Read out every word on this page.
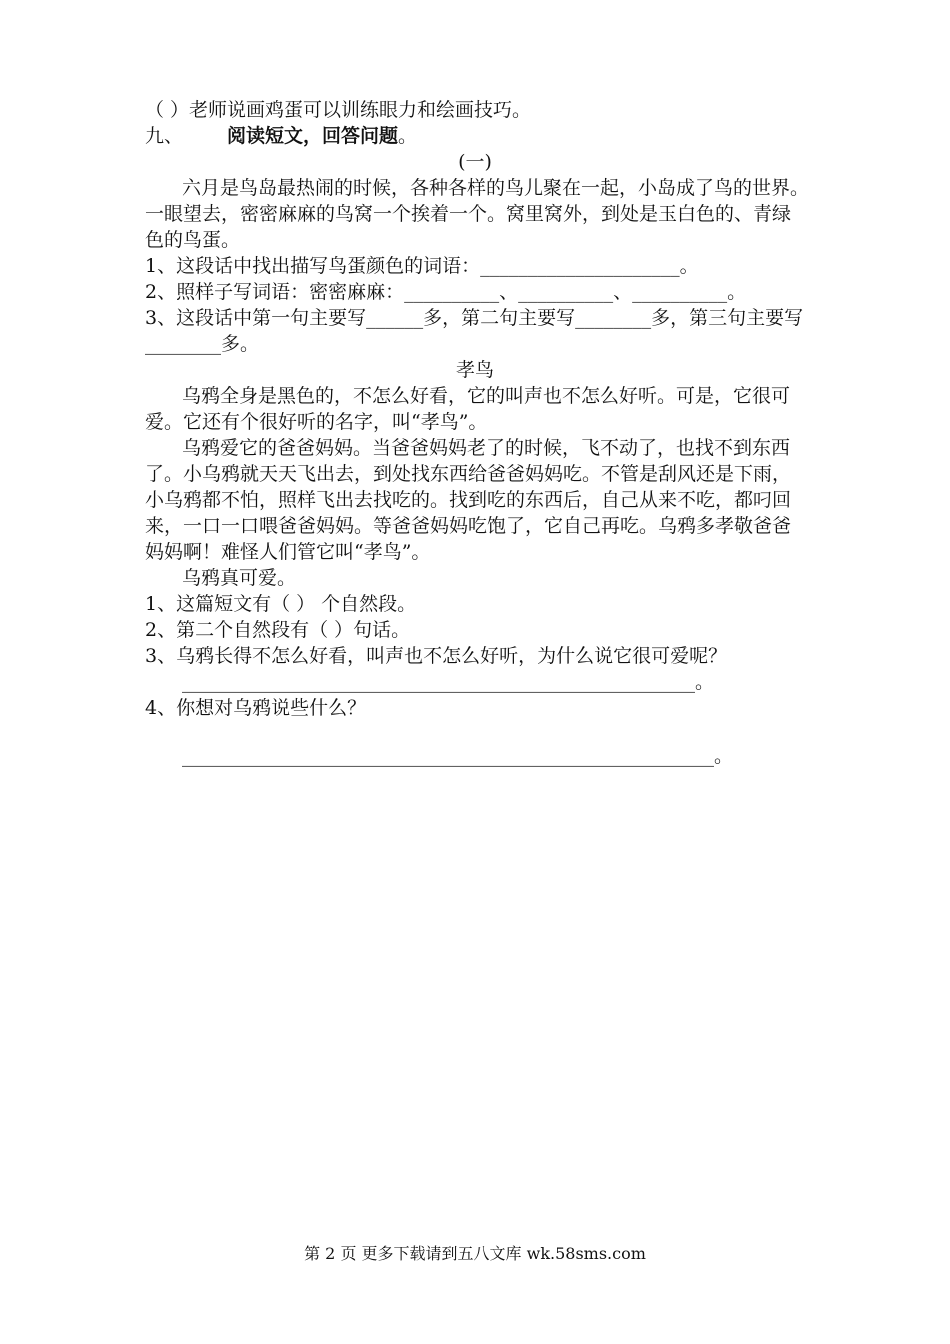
（ ）老师说画鸡蛋可以训练眼力和绘画技巧。
九、 阅读短文，回答问题。
(一)
六月是鸟岛最热闹的时候，各种各样的鸟儿聚在一起，小岛成了鸟的世界。
一眼望去，密密麻麻的鸟窝一个挨着一个。窝里窝外，到处是玉白色的、青绿
色的鸟蛋。
1、这段话中找出描写鸟蛋颜色的词语：_____________________。
2、照样子写词语：密密麻麻：__________、__________、__________。
3、这段话中第一句主要写______多，第二句主要写________多，第三句主要写
________多。
孝鸟
乌鸦全身是黑色的，不怎么好看，它的叫声也不怎么好听。可是，它很可
爱。它还有个很好听的名字，叫“孝鸟”。
乌鸦爱它的爸爸妈妈。当爸爸妈妈老了的时候，飞不动了，也找不到东西
了。小乌鸦就天天飞出去，到处找东西给爸爸妈妈吃。不管是刮风还是下雨，
小乌鸦都不怕，照样飞出去找吃的。找到吃的东西后，自己从来不吃，都叼回
来，一口一口喂爸爸妈妈。等爸爸妈妈吃饱了，它自己再吃。乌鸦多孝敬爸爸
妈妈啊！难怪人们管它叫“孝鸟”。
乌鸦真可爱。
1、这篇短文有（ ） 个自然段。
2、第二个自然段有（ ）句话。
3、乌鸦长得不怎么好看，叫声也不怎么好听，为什么说它很可爱呢？
______________________________________________________。
4、你想对乌鸦说些什么？
________________________________________________________。
第 2 页 更多下载请到五八文库 wk.58sms.com
